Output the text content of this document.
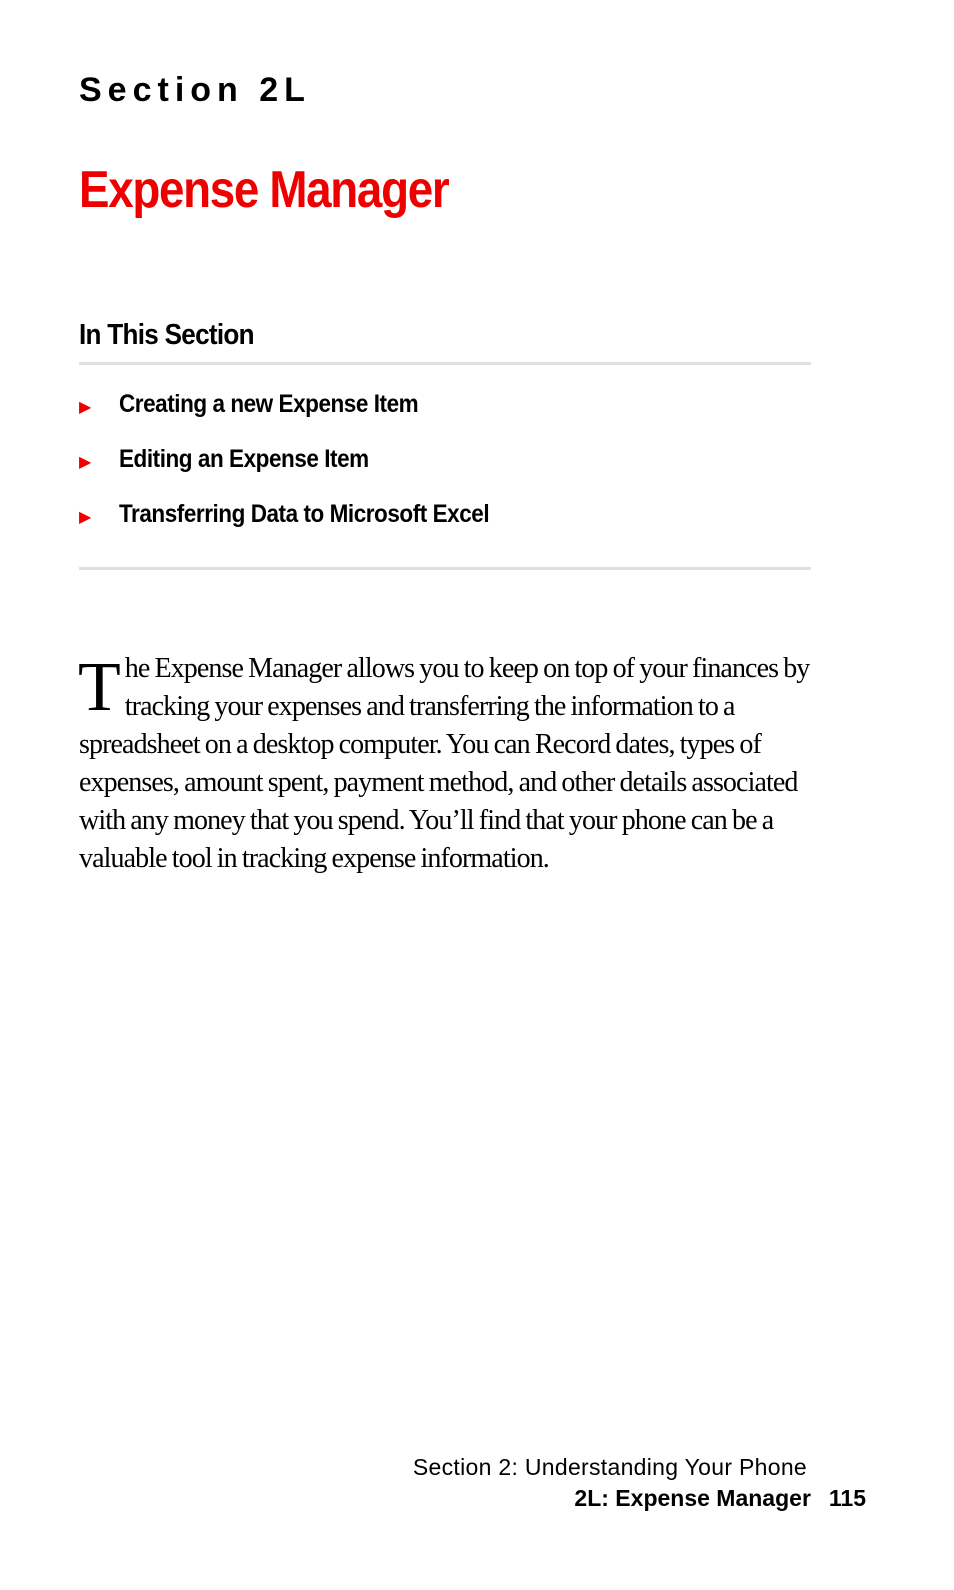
Section 2L
Expense Manager
In This Section
▶	Creating a new Expense Item
▶	Editing an Expense Item
▶	Transferring Data to Microsoft Excel

The Expense Manager allows you to keep on top of your finances by tracking your expenses and transferring the information to a spreadsheet on a desktop computer. You can Record dates, types of expenses, amount spent, payment method, and other details associated with any money that you spend. You’ll find that your phone can be a valuable tool in tracking expense information.

Section 2: Understanding Your Phone
2L: Expense Manager 115
